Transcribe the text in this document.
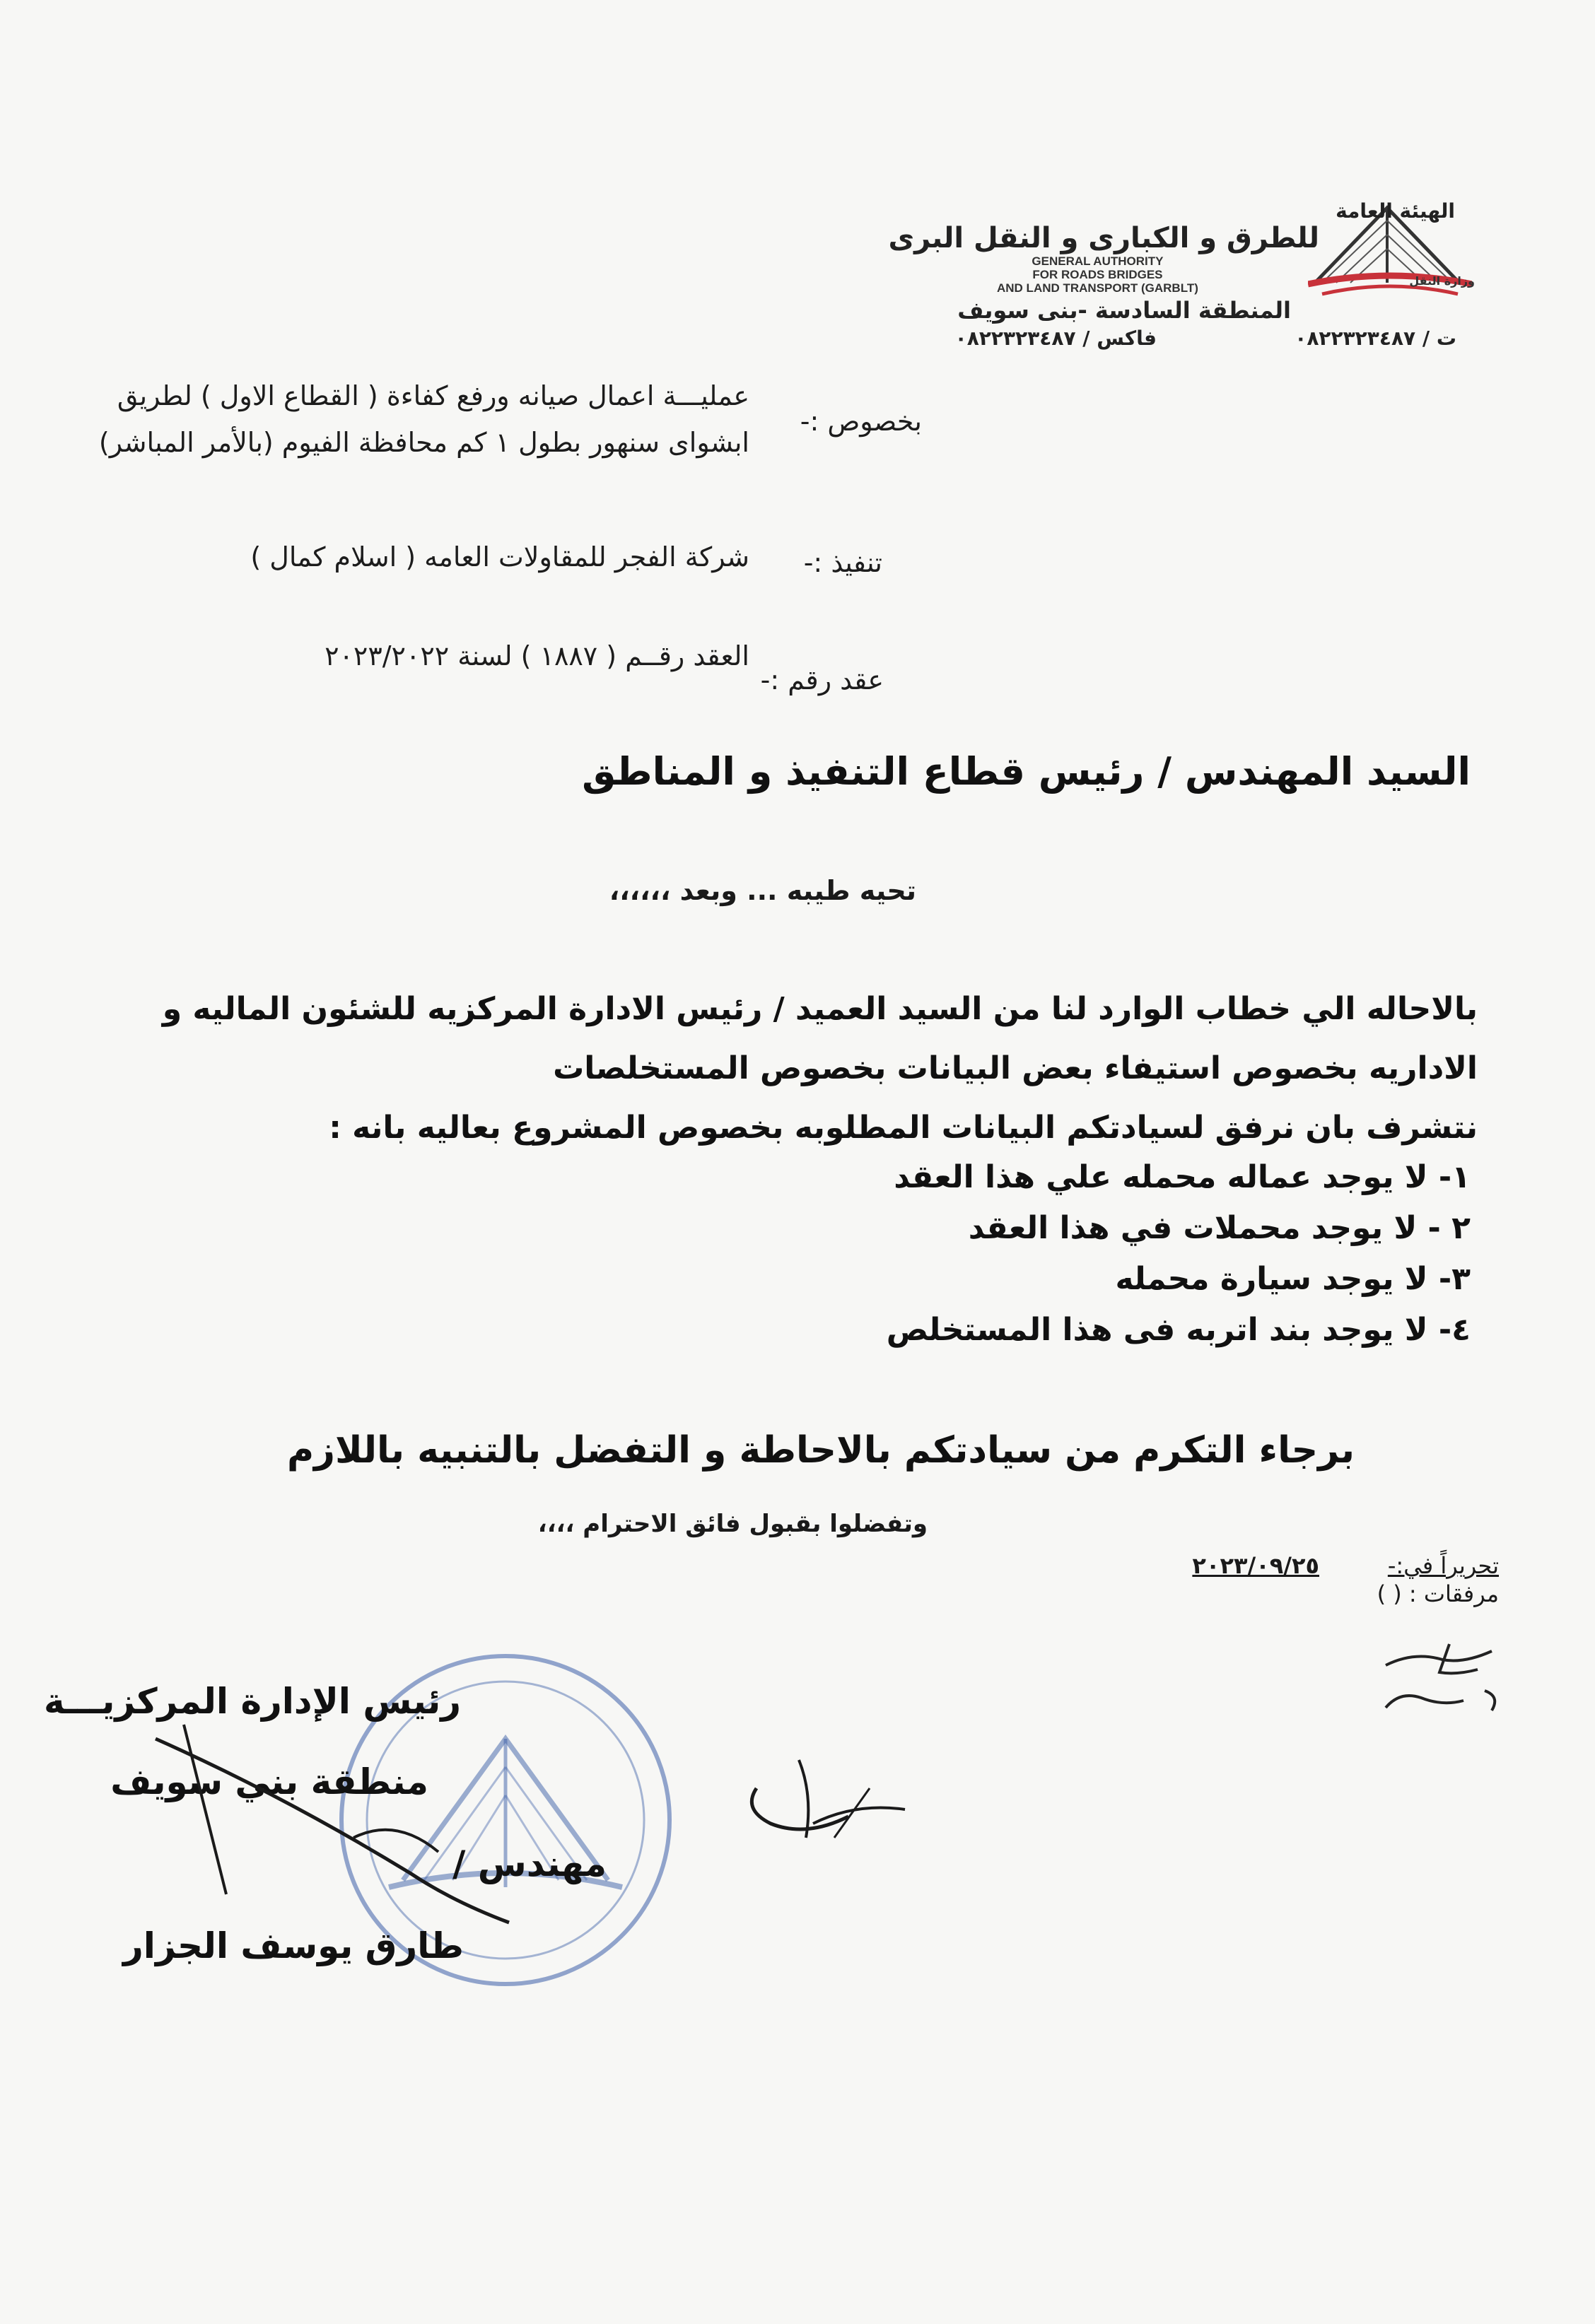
الهيئة العامة
للطرق و الكبارى و النقل البرى
وزارة النقل
GENERAL AUTHORITY
FOR ROADS BRIDGES
AND LAND TRANSPORT (GARBLT)
المنطقة السادسة -بنى سويف
ت / ٠٨٢٢٣٢٣٤٨٧
فاكس / ٠٨٢٢٣٢٣٤٨٧
بخصوص :-
عمليـــة اعمال صيانه ورفع كفاءة ( القطاع الاول ) لطريق
ابشواى سنهور بطول ١ كم محافظة الفيوم (بالأمر المباشر)
تنفيذ :-
شركة الفجر للمقاولات العامه ( اسلام كمال )
عقد رقم :-
العقد رقــم ( ١٨٨٧ ) لسنة ٢٠٢٣/٢٠٢٢
السيد المهندس / رئيس قطاع التنفيذ و المناطق
تحيه طيبه ... وبعد ،،،،،،
بالاحاله الي خطاب الوارد لنا من السيد العميد / رئيس الادارة المركزيه للشئون الماليه و
الاداريه بخصوص استيفاء بعض البيانات بخصوص المستخلصات
نتشرف بان نرفق لسيادتكم البيانات المطلوبه بخصوص المشروع بعاليه بانه :
١- لا يوجد عماله محمله علي هذا العقد
٢ - لا يوجد محملات في هذا العقد
٣- لا يوجد سيارة محمله
٤- لا يوجد بند اتربه فى هذا المستخلص
برجاء التكرم من سيادتكم بالاحاطة و التفضل بالتنبيه باللازم
وتفضلوا بقبول فائق الاحترام ،،،،
تحريراً في:-
٢٠٢٣/٠٩/٢٥
مرفقات : ( )
رئيس الإدارة المركزيـــة
منطقة بني سويف
مهندس /
طارق يوسف الجزار
